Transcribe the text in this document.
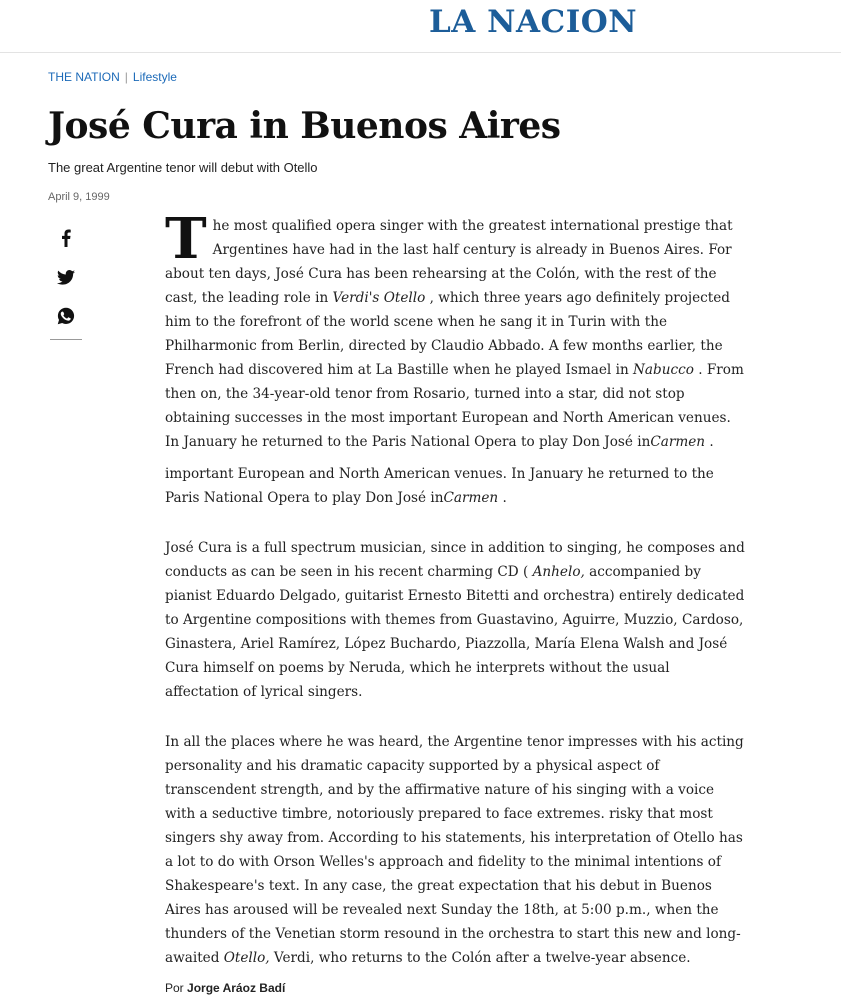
LA NACION
THE NATION | Lifestyle
José Cura in Buenos Aires
The great Argentine tenor will debut with Otello
April 9, 1999

The most qualified opera singer with the greatest international prestige that Argentines have had in the last half century is already in Buenos Aires. For about ten days, José Cura has been rehearsing at the Colón, with the rest of the cast, the leading role in Verdi's Otello , which three years ago definitely projected him to the forefront of the world scene when he sang it in Turin with the Philharmonic from Berlin, directed by Claudio Abbado. A few months earlier, the French had discovered him at La Bastille when he played Ismael in Nabucco . From then on, the 34-year-old tenor from Rosario, turned into a star, did not stop obtaining successes in the most important European and North American venues. In January he returned to the Paris National Opera to play Don José inCarmen .

important European and North American venues. In January he returned to the Paris National Opera to play Don José inCarmen .

José Cura is a full spectrum musician, since in addition to singing, he composes and conducts as can be seen in his recent charming CD ( Anhelo, accompanied by pianist Eduardo Delgado, guitarist Ernesto Bitetti and orchestra) entirely dedicated to Argentine compositions with themes from Guastavino, Aguirre, Muzzio, Cardoso, Ginastera, Ariel Ramírez, López Buchardo, Piazzolla, María Elena Walsh and José Cura himself on poems by Neruda, which he interprets without the usual affectation of lyrical singers.

In all the places where he was heard, the Argentine tenor impresses with his acting personality and his dramatic capacity supported by a physical aspect of transcendent strength, and by the affirmative nature of his singing with a voice with a seductive timbre, notoriously prepared to face extremes. risky that most singers shy away from. According to his statements, his interpretation of Otello has a lot to do with Orson Welles's approach and fidelity to the minimal intentions of Shakespeare's text. In any case, the great expectation that his debut in Buenos Aires has aroused will be revealed next Sunday the 18th, at 5:00 p.m., when the thunders of the Venetian storm resound in the orchestra to start this new and long-awaited Otello, Verdi, who returns to the Colón after a twelve-year absence.

Por Jorge Aráoz Badí
